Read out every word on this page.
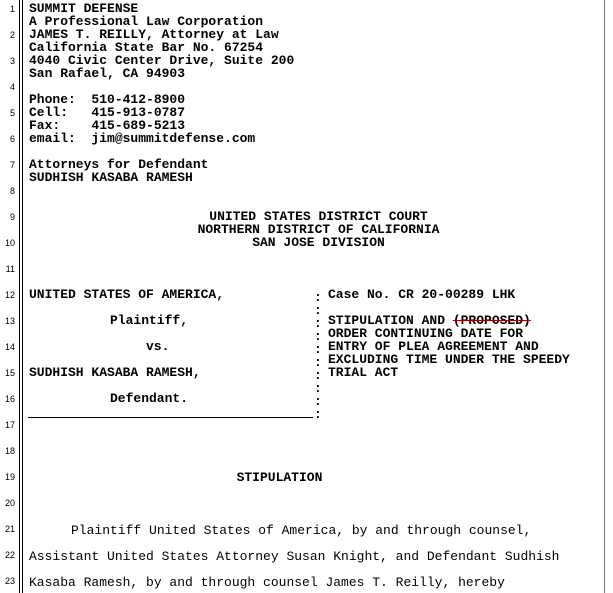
1
2
3
4
5
6
7
8
9
10
11
12
13
14
15
16
17
18
19
20
21
22
23
SUMMIT DEFENSE
A Professional Law Corporation
JAMES T. REILLY, Attorney at Law
California State Bar No. 67254
4040 Civic Center Drive, Suite 200
San Rafael, CA 94903
Phone:  510-412-8900
Cell:   415-913-0787
Fax:    415-689-5213
email:  jim@summitdefense.com
Attorneys for Defendant
SUDHISH KASABA RAMESH
UNITED STATES DISTRICT COURT
NORTHERN DISTRICT OF CALIFORNIA
SAN JOSE DIVISION
UNITED STATES OF AMERICA,
Plaintiff,
vs.
SUDHISH KASABA RAMESH,
Defendant.
:
:
:
:
:
:
:
:
:
:
Case No. CR 20-00289 LHK
STIPULATION AND (PROPOSED)
ORDER CONTINUING DATE FOR
ENTRY OF PLEA AGREEMENT AND
EXCLUDING TIME UNDER THE SPEEDY
TRIAL ACT
STIPULATION
Plaintiff United States of America, by and through counsel,
Assistant United States Attorney Susan Knight, and Defendant Sudhish
Kasaba Ramesh, by and through counsel James T. Reilly, hereby
